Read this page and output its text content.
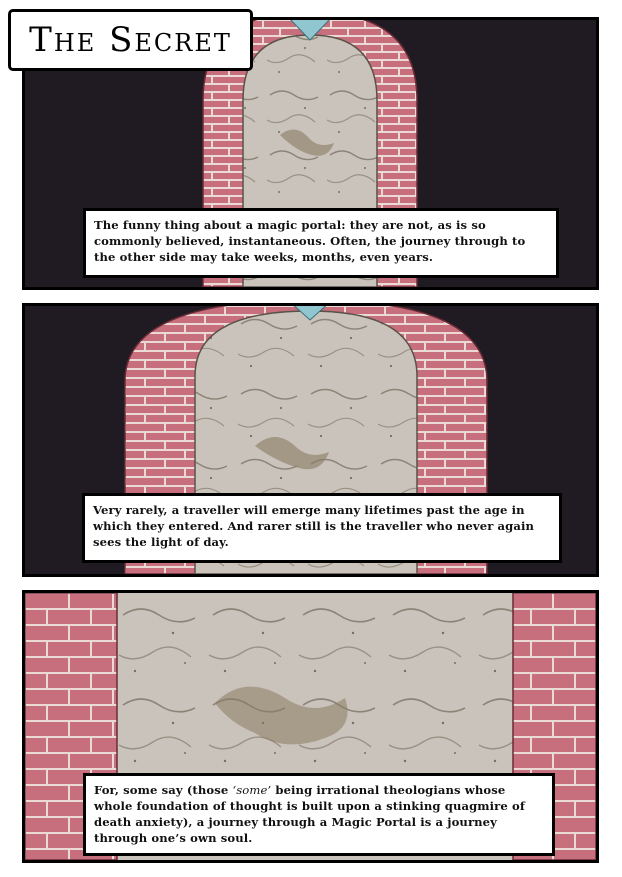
The Secret
The funny thing about a magic portal: they are not, as is so commonly believed, instantaneous. Often, the journey through to the other side may take weeks, months, even years.
Very rarely, a traveller will emerge many lifetimes past the age in which they entered. And rarer still is the traveller who never again sees the light of day.
For, some say (those ‘some’ being irrational theologians whose whole foundation of thought is built upon a stinking quagmire of death anxiety), a journey through a Magic Portal is a journey through one’s own soul.
